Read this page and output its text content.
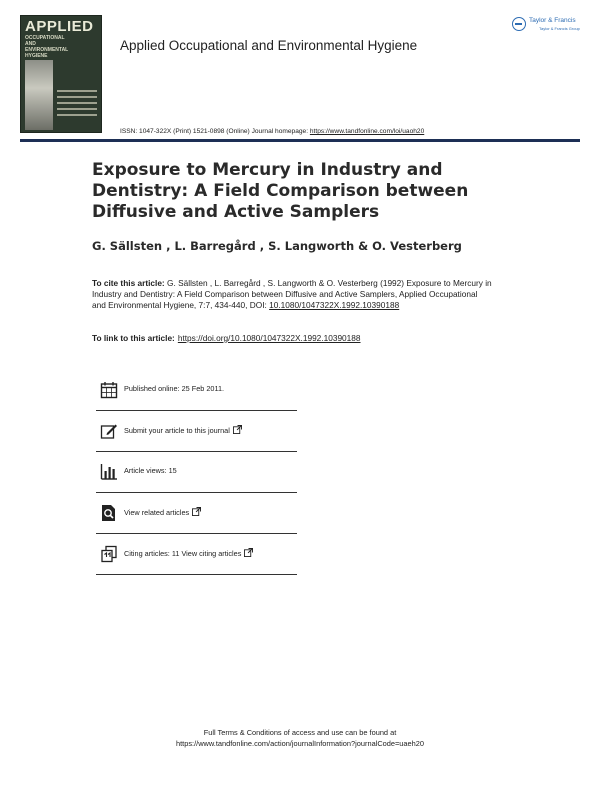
APPLIED
OCCUPATIONAL
AND
ENVIRONMENTAL
HYGIENE
Applied Occupational and Environmental Hygiene
Taylor & Francis
Taylor & Francis Group
ISSN: 1047-322X (Print) 1521-0898 (Online) Journal homepage: https://www.tandfonline.com/loi/uaoh20
Exposure to Mercury in Industry and Dentistry: A Field Comparison between Diffusive and Active Samplers
G. Sällsten , L. Barregård , S. Langworth & O. Vesterberg
To cite this article: G. Sällsten , L. Barregård , S. Langworth & O. Vesterberg (1992) Exposure to Mercury in Industry and Dentistry: A Field Comparison between Diffusive and Active Samplers, Applied Occupational and Environmental Hygiene, 7:7, 434-440, DOI: 10.1080/1047322X.1992.10390188
To link to this article: https://doi.org/10.1080/1047322X.1992.10390188
Published online: 25 Feb 2011.
Submit your article to this journal
Article views: 15
View related articles
Citing articles: 11 View citing articles
Full Terms & Conditions of access and use can be found at
https://www.tandfonline.com/action/journalInformation?journalCode=uaeh20
